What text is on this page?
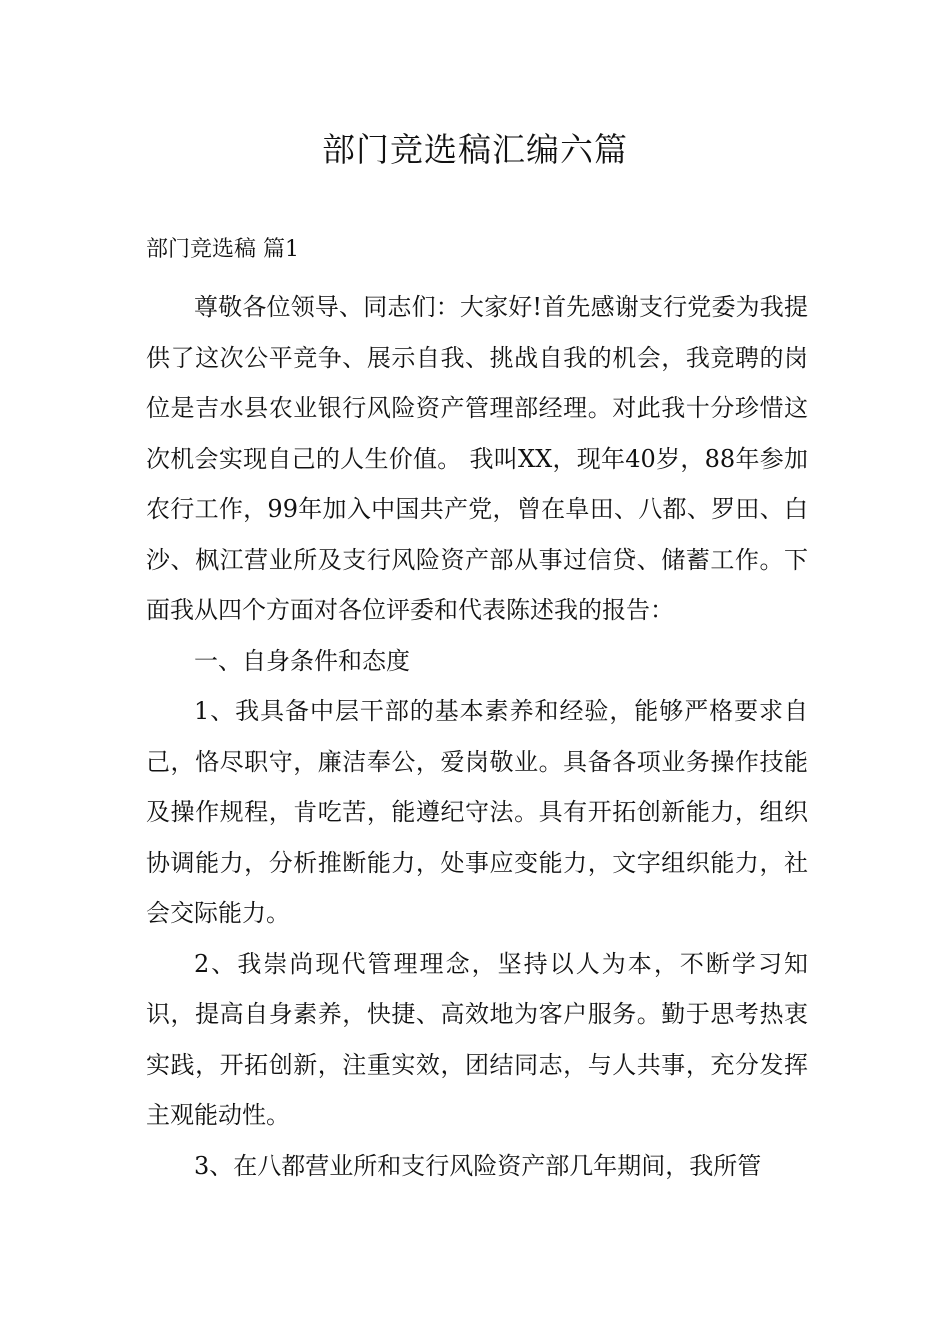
部门竞选稿汇编六篇
部门竞选稿 篇1

尊敬各位领导、同志们：大家好!首先感谢支行党委为我提供了这次公平竞争、展示自我、挑战自我的机会，我竞聘的岗位是吉水县农业银行风险资产管理部经理。对此我十分珍惜这次机会实现自己的人生价值。 我叫XX，现年40岁，88年参加农行工作，99年加入中国共产党，曾在阜田、八都、罗田、白沙、枫江营业所及支行风险资产部从事过信贷、储蓄工作。下面我从四个方面对各位评委和代表陈述我的报告：

一、自身条件和态度

1、我具备中层干部的基本素养和经验，能够严格要求自己，恪尽职守，廉洁奉公，爱岗敬业。具备各项业务操作技能及操作规程，肯吃苦，能遵纪守法。具有开拓创新能力，组织协调能力，分析推断能力，处事应变能力，文字组织能力，社会交际能力。

2、我崇尚现代管理理念，坚持以人为本，不断学习知识，提高自身素养，快捷、高效地为客户服务。勤于思考热衷实践，开拓创新，注重实效，团结同志，与人共事，充分发挥主观能动性。

3、在八都营业所和支行风险资产部几年期间，我所管
